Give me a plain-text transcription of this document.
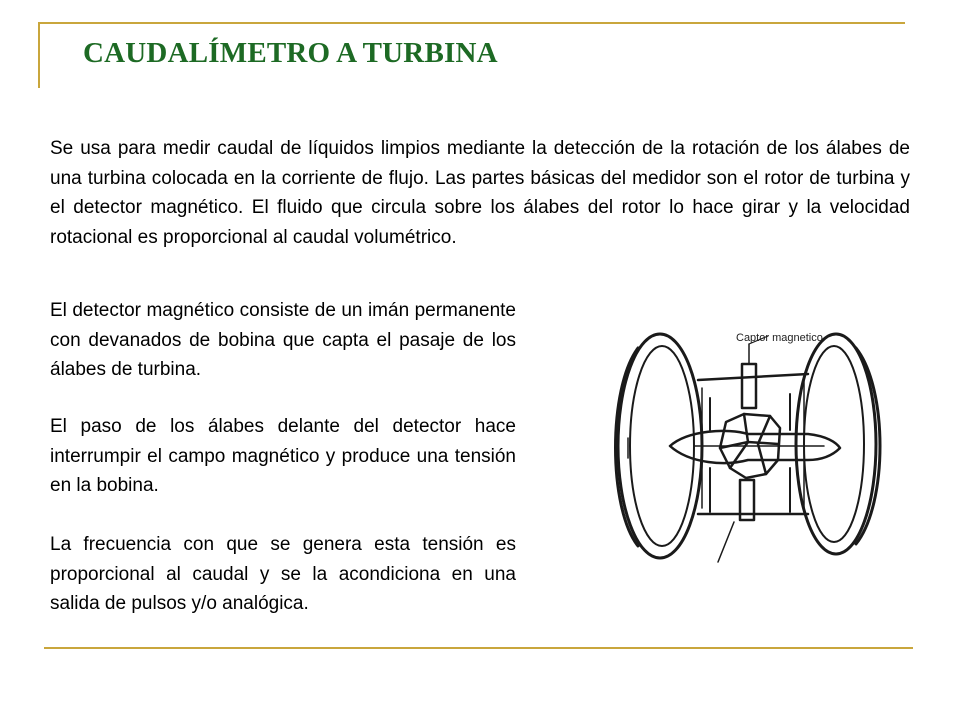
CAUDALÍMETRO A TURBINA

Se usa para medir caudal de líquidos limpios mediante la detección de la rotación de los álabes de una turbina colocada en la corriente de flujo. Las partes básicas del medidor son el rotor de turbina y el detector magnético. El fluido que circula sobre los álabes del rotor lo hace girar y la velocidad rotacional es proporcional al caudal volumétrico.

El detector magnético consiste de un imán permanente con devanados de bobina que capta el pasaje de los álabes de turbina.

El paso de los álabes delante del detector hace interrumpir el campo magnético y produce una tensión en la bobina.

La frecuencia con que se genera esta tensión es proporcional al caudal y se la acondiciona en una salida de pulsos y/o analógica.

Captor magnetico
